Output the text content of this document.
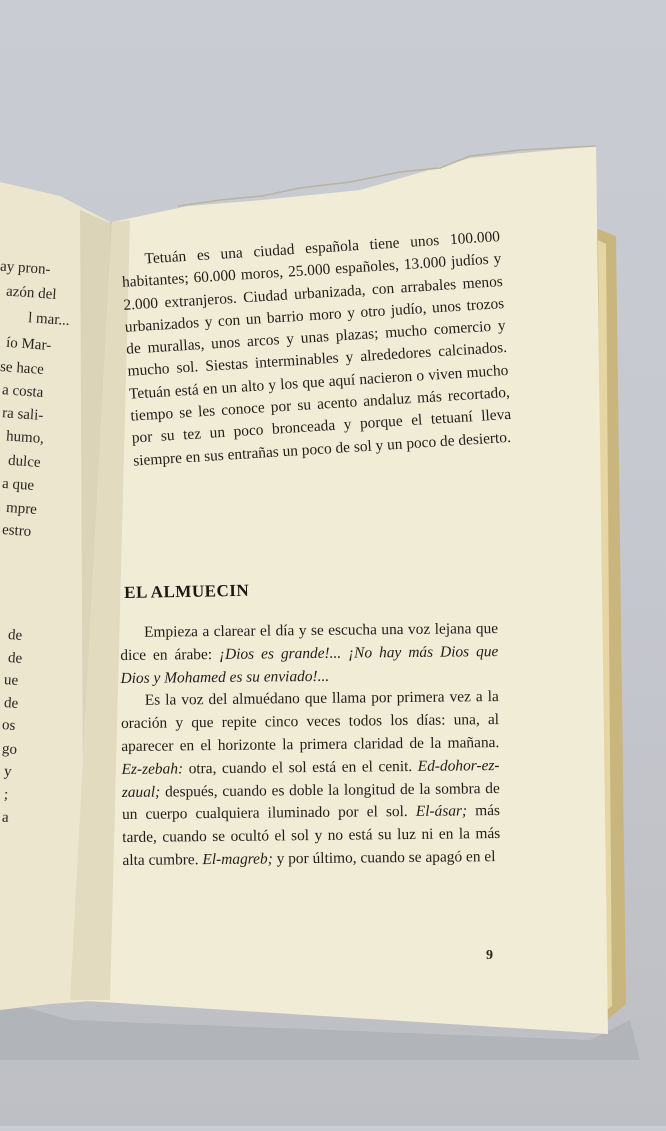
ay pron-
azón del
l mar...
ío Mar-
se hace
a costa
ra sali-
humo,
dulce
a que
mpre
estro
de
de
ue
de
os
go
y
;
a

Tetuán es una ciudad española tiene unos 100.000 habitantes; 60.000 moros, 25.000 españoles, 13.000 judíos y 2.000 extranjeros. Ciudad urbanizada, con arrabales menos urbanizados y con un barrio moro y otro judío, unos trozos de murallas, unos arcos y unas plazas; mucho comercio y mucho sol. Siestas interminables y alrededores calcinados. Tetuán está en un alto y los que aquí nacieron o viven mucho tiempo se les conoce por su acento andaluz más recortado, por su tez un poco bronceada y porque el tetuaní lleva siempre en sus entrañas un poco de sol y un poco de desierto.

EL ALMUECIN

Empieza a clarear el día y se escucha una voz lejana que dice en árabe: ¡Dios es grande!... ¡No hay más Dios que Dios y Mohamed es su enviado!...

Es la voz del almuédano que llama por primera vez a la oración y que repite cinco veces todos los días: una, al aparecer en el horizonte la primera claridad de la mañana. Ez-zebah: otra, cuando el sol está en el cenit. Ed-dohor-ez-zaual; después, cuando es doble la longitud de la sombra de un cuerpo cualquiera iluminado por el sol. El-ásar; más tarde, cuando se ocultó el sol y no está su luz ni en la más alta cumbre. El-magreb; y por último, cuando se apagó en el

9
